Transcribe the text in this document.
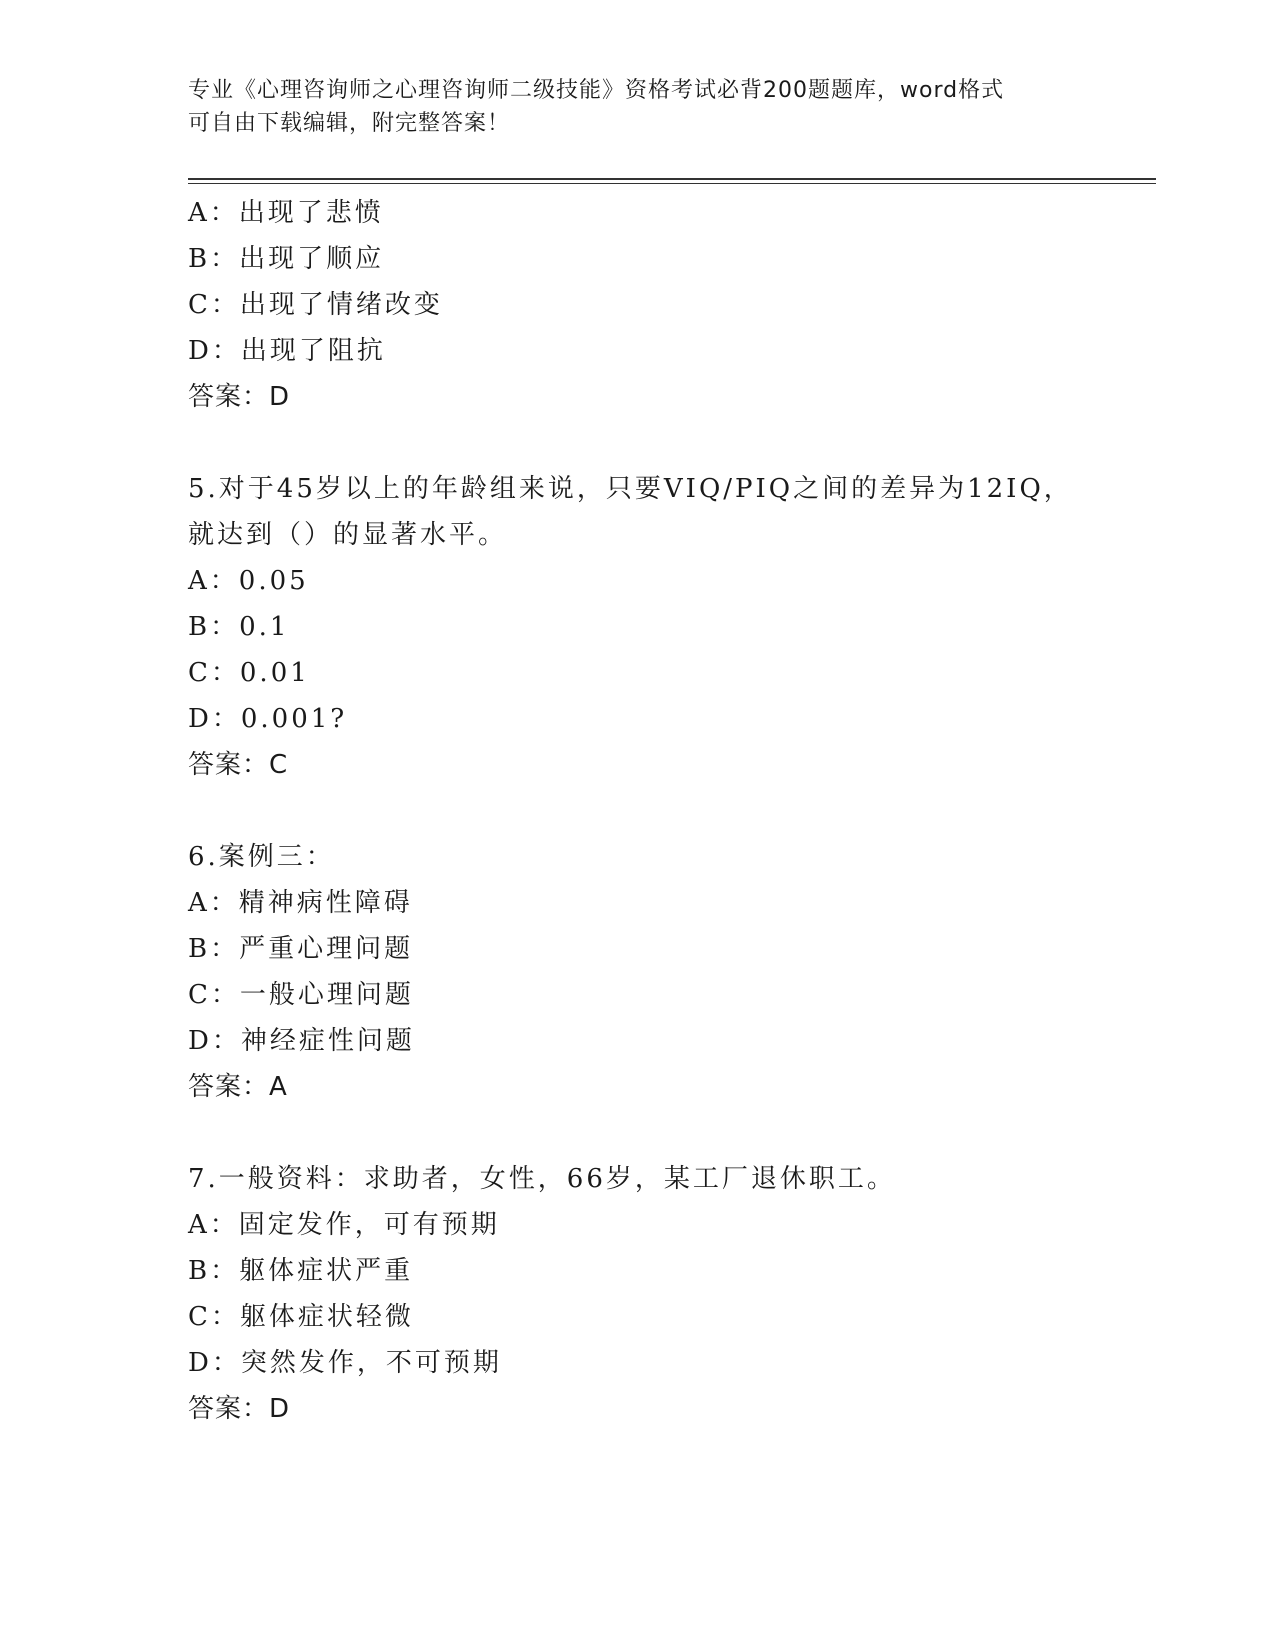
专业《心理咨询师之心理咨询师二级技能》资格考试必背200题题库，word格式
可自由下载编辑，附完整答案！
A：出现了悲愤
B：出现了顺应
C：出现了情绪改变
D：出现了阻抗
答案：D
5.对于45岁以上的年龄组来说，只要VIQ/PIQ之间的差异为12IQ，
就达到（）的显著水平。
A：0.05
B：0.1
C：0.01
D：0.001?
答案：C
6.案例三：
A：精神病性障碍
B：严重心理问题
C：一般心理问题
D：神经症性问题
答案：A
7.一般资料：求助者，女性，66岁，某工厂退休职工。
A：固定发作，可有预期
B：躯体症状严重
C：躯体症状轻微
D：突然发作，不可预期
答案：D
